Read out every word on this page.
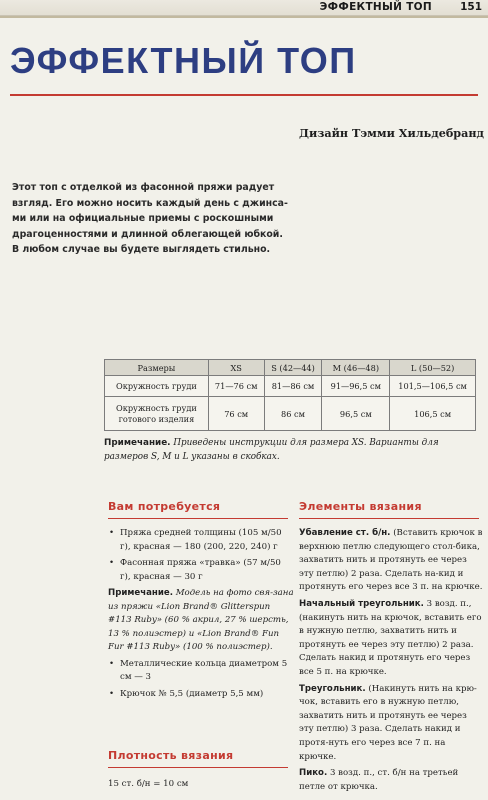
ЭФФЕКТНЫЙ ТОП	151
ЭФФЕКТНЫЙ ТОП
Дизайн Тэмми Хильдебранд
Этот топ с отделкой из фасонной пряжи радует
взгляд. Его можно носить каждый день с джинса-
ми или на официальные приемы с роскошными
драгоценностями и длинной облегающей юбкой.
В любом случае вы будете выглядеть стильно.
Размеры	XS	S (42—44)	M (46—48)	L (50—52)
Окружность груди	71—76 см	81—86 см	91—96,5 см	101,5—106,5 см
Окружность груди
готового изделия	76 см	86 см	96,5 см	106,5 см
Примечание. Приведены инструкции для размера XS. Варианты для размеров S, M и L указаны в скобках.
Вам потребуется	Элементы вязания
• Пряжа средней толщины (105 м/50 г), красная — 180 (200, 220, 240) г
• Фасонная пряжа «травка» (57 м/50 г), красная — 30 г
Примечание. Модель на фото свя-зана из пряжи «Lion Brand® Glitterspun #113 Ruby» (60 % акрил, 27 % шерсть, 13 % полиэстер) и «Lion Brand® Fun Fur #113 Ruby» (100 % полиэстер).
• Металлические кольца диаметром 5 см — 3
• Крючок № 5,5 (диаметр 5,5 мм)
Плотность вязания
15 ст. б/н = 10 см

Убавление ст. б/н. (Вставить крючок в верхнюю петлю следующего стол-бика, захватить нить и протянуть ее через эту петлю) 2 раза. Сделать на-кид и протянуть его через все 3 п. на крючке.

Начальный треугольник. 3 возд. п., (накинуть нить на крючок, вставить его в нужную петлю, захватить нить и протянуть ее через эту петлю) 2 раза. Сделать накид и протянуть его через все 5 п. на крючке.

Треугольник. (Накинуть нить на крю-чок, вставить его в нужную петлю, захватить нить и протянуть ее через эту петлю) 3 раза. Сделать накид и протя-нуть его через все 7 п. на крючке.

Пико. 3 возд. п., ст. б/н на третьей петле от крючка.
